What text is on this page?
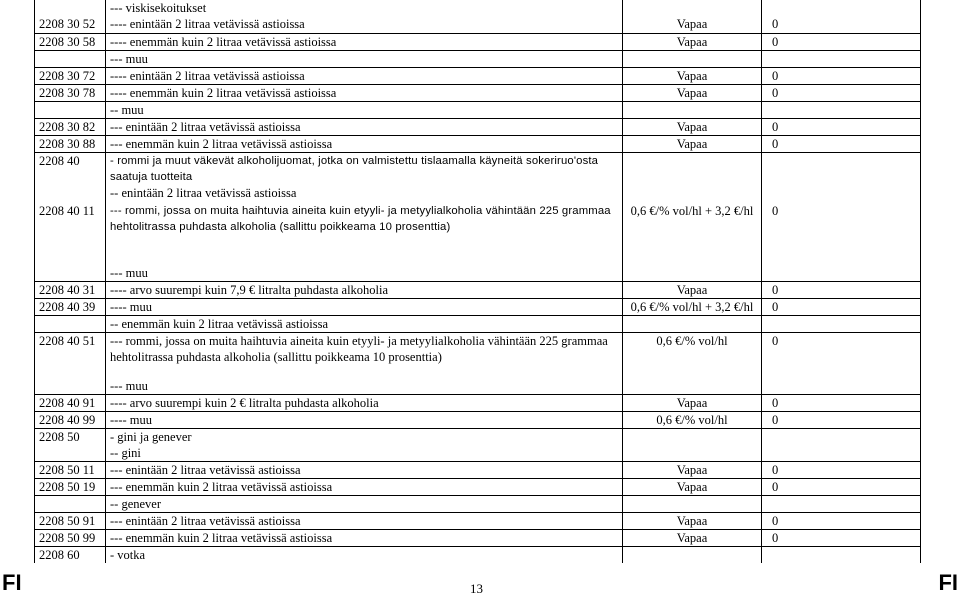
	--- viskisekoitukset		
2208 30 52	---- enintään 2 litraa vetävissä astioissa	Vapaa	0
2208 30 58	---- enemmän kuin 2 litraa vetävissä astioissa	Vapaa	0
	--- muu		
2208 30 72	---- enintään 2 litraa vetävissä astioissa	Vapaa	0
2208 30 78	---- enemmän kuin 2 litraa vetävissä astioissa	Vapaa	0
	-- muu		
2208 30 82	--- enintään 2 litraa vetävissä astioissa	Vapaa	0
2208 30 88	--- enemmän kuin 2 litraa vetävissä astioissa	Vapaa	0
2208 40	- rommi ja muut väkevät alkoholijuomat, jotka on valmistettu tislaamalla käyneitä sokeriruo'osta saatuja tuotteita		
	-- enintään 2 litraa vetävissä astioissa		
2208 40 11	--- rommi, jossa on muita haihtuvia aineita kuin etyyli- ja metyylialkoholia vähintään 225 grammaa hehtolitrassa puhdasta alkoholia (sallittu poikkeama 10 prosenttia)	0,6 €/% vol/hl + 3,2 €/hl	0
	--- muu		
2208 40 31	---- arvo suurempi kuin 7,9 € litralta puhdasta alkoholia	Vapaa	0
2208 40 39	---- muu	0,6 €/% vol/hl + 3,2 €/hl	0
	-- enemmän kuin 2 litraa vetävissä astioissa		
2208 40 51	--- rommi, jossa on muita haihtuvia aineita kuin etyyli- ja metyylialkoholia vähintään 225 grammaa hehtolitrassa puhdasta alkoholia (sallittu poikkeama 10 prosenttia)	0,6 €/% vol/hl	0
	--- muu		
2208 40 91	---- arvo suurempi kuin 2 € litralta puhdasta alkoholia	Vapaa	0
2208 40 99	---- muu	0,6 €/% vol/hl	0
2208 50	- gini ja genever		
	-- gini		
2208 50 11	--- enintään 2 litraa vetävissä astioissa	Vapaa	0
2208 50 19	--- enemmän kuin 2 litraa vetävissä astioissa	Vapaa	0
	-- genever		
2208 50 91	--- enintään 2 litraa vetävissä astioissa	Vapaa	0
2208 50 99	--- enemmän kuin 2 litraa vetävissä astioissa	Vapaa	0
2208 60	- votka		
FI	13	FI
